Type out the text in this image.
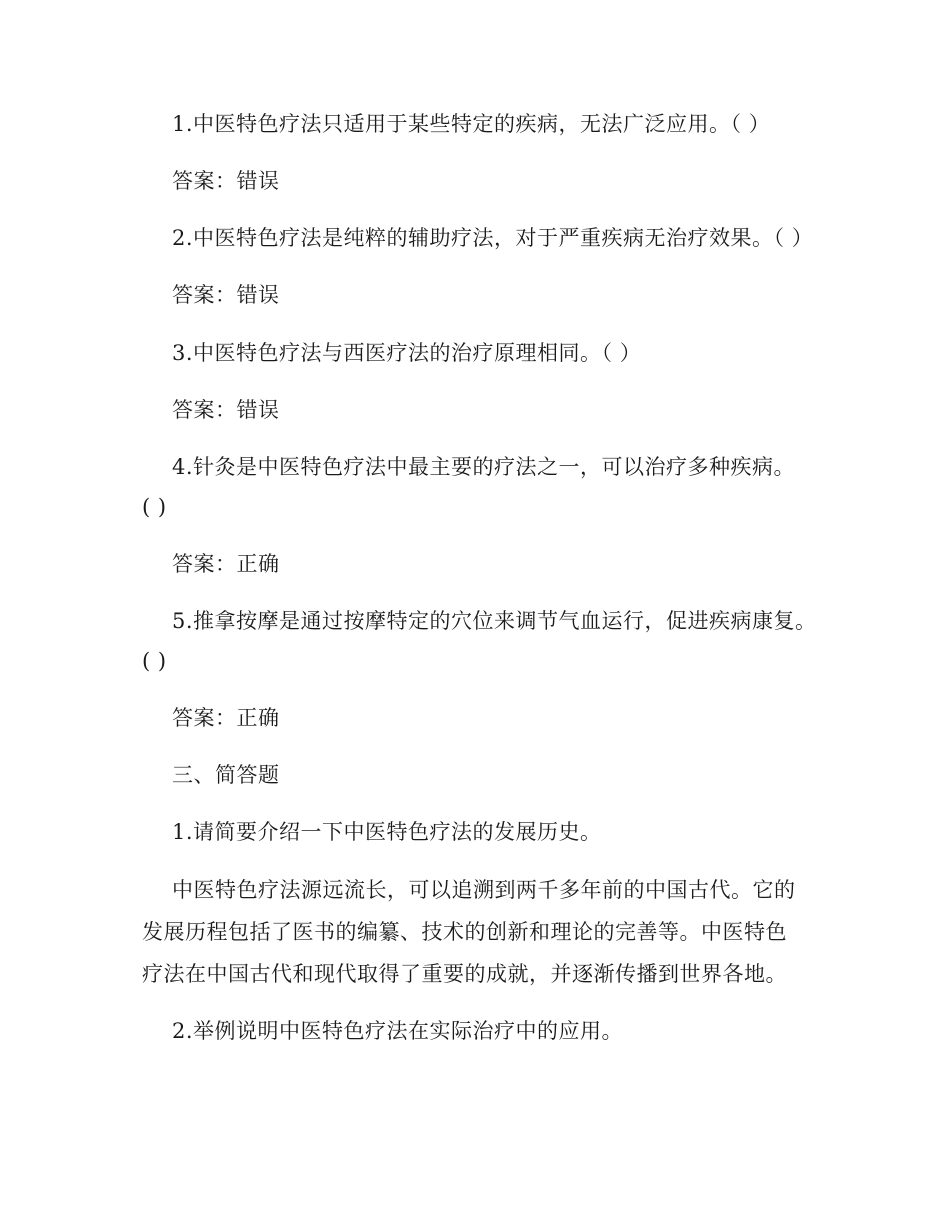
1.中医特色疗法只适用于某些特定的疾病，无法广泛应用。（ ）
答案：错误
2.中医特色疗法是纯粹的辅助疗法，对于严重疾病无治疗效果。（ ）
答案：错误
3.中医特色疗法与西医疗法的治疗原理相同。（ ）
答案：错误
4.针灸是中医特色疗法中最主要的疗法之一，可以治疗多种疾病。
( )
答案：正确
5.推拿按摩是通过按摩特定的穴位来调节气血运行，促进疾病康复。
( )
答案：正确
三、简答题
1.请简要介绍一下中医特色疗法的发展历史。
中医特色疗法源远流长，可以追溯到两千多年前的中国古代。它的
发展历程包括了医书的编纂、技术的创新和理论的完善等。中医特色
疗法在中国古代和现代取得了重要的成就，并逐渐传播到世界各地。
2.举例说明中医特色疗法在实际治疗中的应用。
